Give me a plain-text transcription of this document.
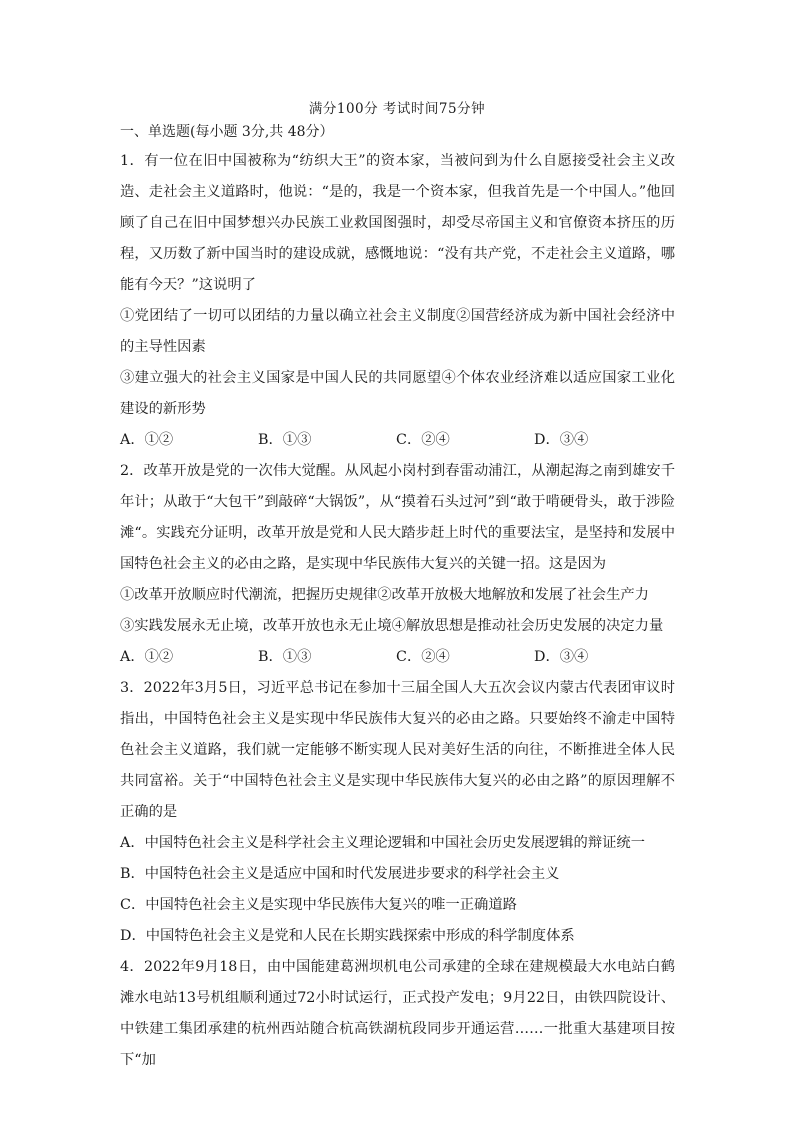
满分100分 考试时间75分钟
一、单选题(每小题 3分,共 48分）

1．有一位在旧中国被称为“纺织大王”的资本家，当被问到为什么自愿接受社会主义改造、走社会主义道路时，他说：“是的，我是一个资本家，但我首先是一个中国人。”他回顾了自己在旧中国梦想兴办民族工业救国图强时，却受尽帝国主义和官僚资本挤压的历程，又历数了新中国当时的建设成就，感慨地说：“没有共产党，不走社会主义道路，哪能有今天？”这说明了

①党团结了一切可以团结的力量以确立社会主义制度②国营经济成为新中国社会经济中的主导性因素

③建立强大的社会主义国家是中国人民的共同愿望④个体农业经济难以适应国家工业化建设的新形势

A．①②	B．①③	C．②④	D．③④

2．改革开放是党的一次伟大觉醒。从风起小岗村到春雷动浦江，从潮起海之南到雄安千年计；从敢于“大包干”到敲碎“大锅饭”，从“摸着石头过河”到“敢于啃硬骨头，敢于涉险滩“。实践充分证明，改革开放是党和人民大踏步赶上时代的重要法宝，是坚持和发展中国特色社会主义的必由之路，是实现中华民族伟大复兴的关键一招。这是因为

①改革开放顺应时代潮流，把握历史规律②改革开放极大地解放和发展了社会生产力

③实践发展永无止境，改革开放也永无止境④解放思想是推动社会历史发展的决定力量

A．①②	B．①③	C．②④	D．③④

3．2022年3月5日，习近平总书记在参加十三届全国人大五次会议内蒙古代表团审议时指出，中国特色社会主义是实现中华民族伟大复兴的必由之路。只要始终不渝走中国特色社会主义道路，我们就一定能够不断实现人民对美好生活的向往，不断推进全体人民共同富裕。关于“中国特色社会主义是实现中华民族伟大复兴的必由之路”的原因理解不正确的是

A．中国特色社会主义是科学社会主义理论逻辑和中国社会历史发展逻辑的辩证统一

B．中国特色社会主义是适应中国和时代发展进步要求的科学社会主义

C．中国特色社会主义是实现中华民族伟大复兴的唯一正确道路

D．中国特色社会主义是党和人民在长期实践探索中形成的科学制度体系

4．2022年9月18日，由中国能建葛洲坝机电公司承建的全球在建规模最大水电站白鹤滩水电站13号机组顺利通过72小时试运行，正式投产发电；9月22日，由铁四院设计、中铁建工集团承建的杭州西站随合杭高铁湖杭段同步开通运营……一批重大基建项目按下“加
